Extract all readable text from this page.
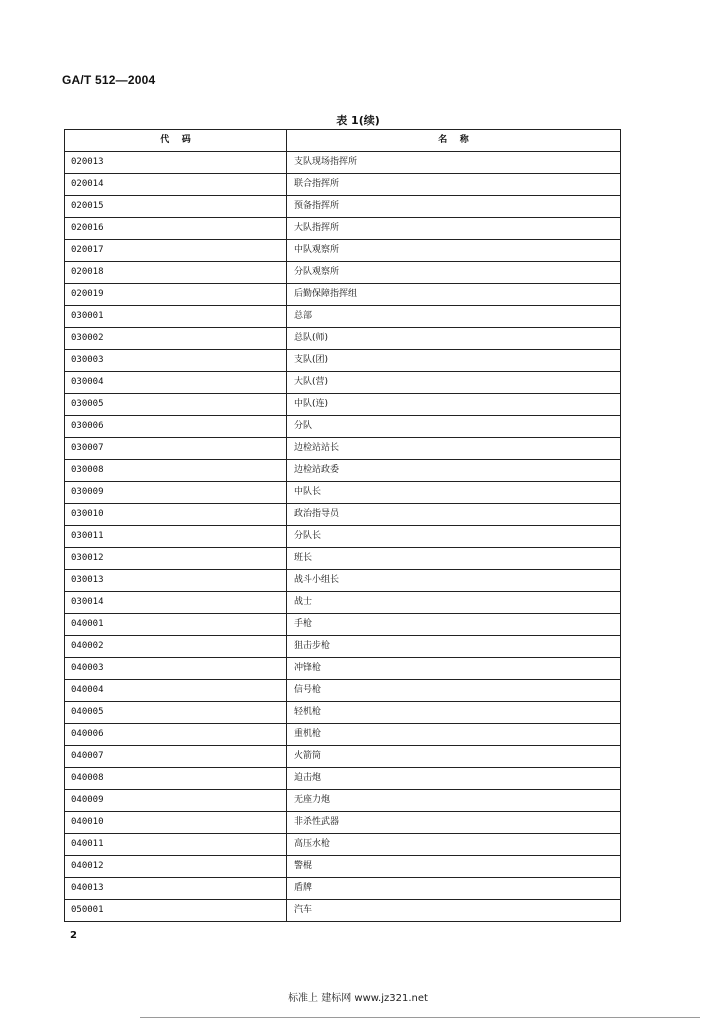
GA/T 512—2004
表 1(续)
代    码	名    称
020013	支队现场指挥所
020014	联合指挥所
020015	预备指挥所
020016	大队指挥所
020017	中队观察所
020018	分队观察所
020019	后勤保障指挥组
030001	总部
030002	总队(师)
030003	支队(团)
030004	大队(营)
030005	中队(连)
030006	分队
030007	边检站站长
030008	边检站政委
030009	中队长
030010	政治指导员
030011	分队长
030012	班长
030013	战斗小组长
030014	战士
040001	手枪
040002	狙击步枪
040003	冲锋枪
040004	信号枪
040005	轻机枪
040006	重机枪
040007	火箭筒
040008	迫击炮
040009	无座力炮
040010	非杀性武器
040011	高压水枪
040012	警棍
040013	盾牌
050001	汽车
2
标准上 建标网 www.jz321.net
